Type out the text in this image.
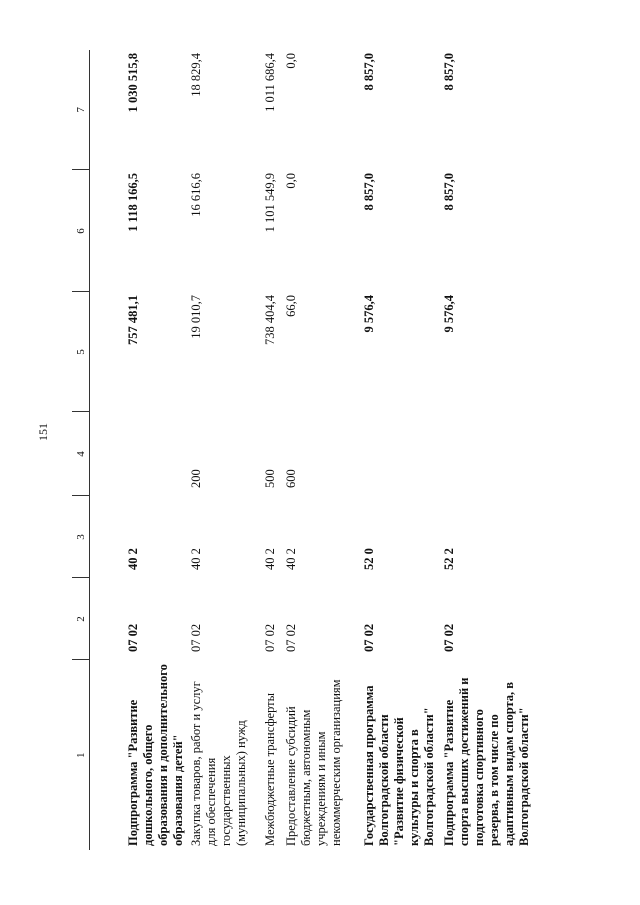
151
1	2	3	4	5	6	7
Подпрограмма "Развитие дошкольного, общего образования и дополнительного образования детей"	07 02	40 2		757 481,1	1 118 166,5	1 030 515,8
Закупка товаров, работ и услуг для обеспечения государственных (муниципальных) нужд	07 02	40 2	200	19 010,7	16 616,6	18 829,4
Межбюджетные трансферты	07 02	40 2	500	738 404,4	1 101 549,9	1 011 686,4
Предоставление субсидий бюджетным, автономным учреждениям и иным некоммерческим организациям	07 02	40 2	600	66,0	0,0	0,0
Государственная программа Волгоградской области "Развитие физической культуры и спорта в Волгоградской области"	07 02	52 0		9 576,4	8 857,0	8 857,0
Подпрограмма "Развитие спорта высших достижений и подготовка спортивного резерва, в том числе по адаптивным видам спорта, в Волгоградской области"	07 02	52 2		9 576,4	8 857,0	8 857,0
